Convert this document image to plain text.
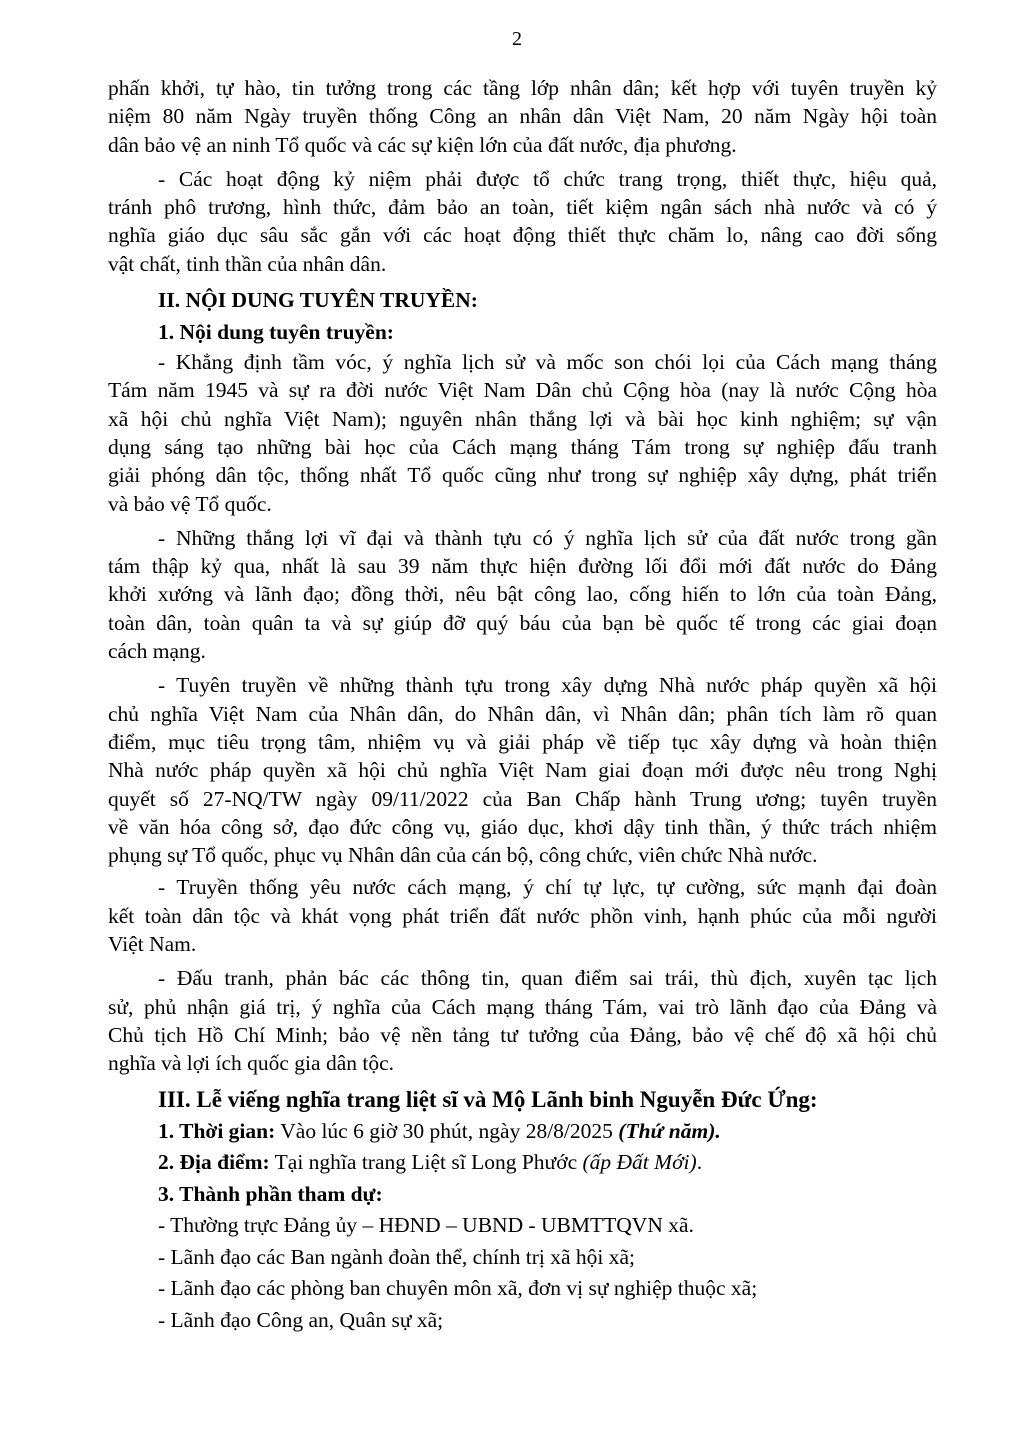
2
phấn khởi, tự hào, tin tưởng trong các tầng lớp nhân dân; kết hợp với tuyên truyền kỷ
niệm 80 năm Ngày truyền thống Công an nhân dân Việt Nam, 20 năm Ngày hội toàn
dân bảo vệ an ninh Tổ quốc và các sự kiện lớn của đất nước, địa phương.
- Các hoạt động kỷ niệm phải được tổ chức trang trọng, thiết thực, hiệu quả,
tránh phô trương, hình thức, đảm bảo an toàn, tiết kiệm ngân sách nhà nước và có ý
nghĩa giáo dục sâu sắc gắn với các hoạt động thiết thực chăm lo, nâng cao đời sống
vật chất, tinh thần của nhân dân.
II. NỘI DUNG TUYÊN TRUYỀN:
1. Nội dung tuyên truyền:
- Khẳng định tầm vóc, ý nghĩa lịch sử và mốc son chói lọi của Cách mạng tháng
Tám năm 1945 và sự ra đời nước Việt Nam Dân chủ Cộng hòa (nay là nước Cộng hòa
xã hội chủ nghĩa Việt Nam); nguyên nhân thắng lợi và bài học kinh nghiệm; sự vận
dụng sáng tạo những bài học của Cách mạng tháng Tám trong sự nghiệp đấu tranh
giải phóng dân tộc, thống nhất Tổ quốc cũng như trong sự nghiệp xây dựng, phát triển
và bảo vệ Tổ quốc.
- Những thắng lợi vĩ đại và thành tựu có ý nghĩa lịch sử của đất nước trong gần
tám thập kỷ qua, nhất là sau 39 năm thực hiện đường lối đổi mới đất nước do Đảng
khởi xướng và lãnh đạo; đồng thời, nêu bật công lao, cống hiến to lớn của toàn Đảng,
toàn dân, toàn quân ta và sự giúp đỡ quý báu của bạn bè quốc tế trong các giai đoạn
cách mạng.
- Tuyên truyền về những thành tựu trong xây dựng Nhà nước pháp quyền xã hội
chủ nghĩa Việt Nam của Nhân dân, do Nhân dân, vì Nhân dân; phân tích làm rõ quan
điểm, mục tiêu trọng tâm, nhiệm vụ và giải pháp về tiếp tục xây dựng và hoàn thiện
Nhà nước pháp quyền xã hội chủ nghĩa Việt Nam giai đoạn mới được nêu trong Nghị
quyết số 27-NQ/TW ngày 09/11/2022 của Ban Chấp hành Trung ương; tuyên truyền
về văn hóa công sở, đạo đức công vụ, giáo dục, khơi dậy tinh thần, ý thức trách nhiệm
phụng sự Tổ quốc, phục vụ Nhân dân của cán bộ, công chức, viên chức Nhà nước.
- Truyền thống yêu nước cách mạng, ý chí tự lực, tự cường, sức mạnh đại đoàn
kết toàn dân tộc và khát vọng phát triển đất nước phồn vinh, hạnh phúc của mỗi người
Việt Nam.
- Đấu tranh, phản bác các thông tin, quan điểm sai trái, thù địch, xuyên tạc lịch
sử, phủ nhận giá trị, ý nghĩa của Cách mạng tháng Tám, vai trò lãnh đạo của Đảng và
Chủ tịch Hồ Chí Minh; bảo vệ nền tảng tư tưởng của Đảng, bảo vệ chế độ xã hội chủ
nghĩa và lợi ích quốc gia dân tộc.
III. Lễ viếng nghĩa trang liệt sĩ và Mộ Lãnh binh Nguyễn Đức Ứng:
1. Thời gian: Vào lúc 6 giờ 30 phút, ngày 28/8/2025 (Thứ năm).
2. Địa điểm: Tại nghĩa trang Liệt sĩ Long Phước (ấp Đất Mới).
3. Thành phần tham dự:
- Thường trực Đảng ủy – HĐND – UBND - UBMTTQVN xã.
- Lãnh đạo các Ban ngành đoàn thể, chính trị xã hội xã;
- Lãnh đạo các phòng ban chuyên môn xã, đơn vị sự nghiệp thuộc xã;
- Lãnh đạo Công an, Quân sự xã;
